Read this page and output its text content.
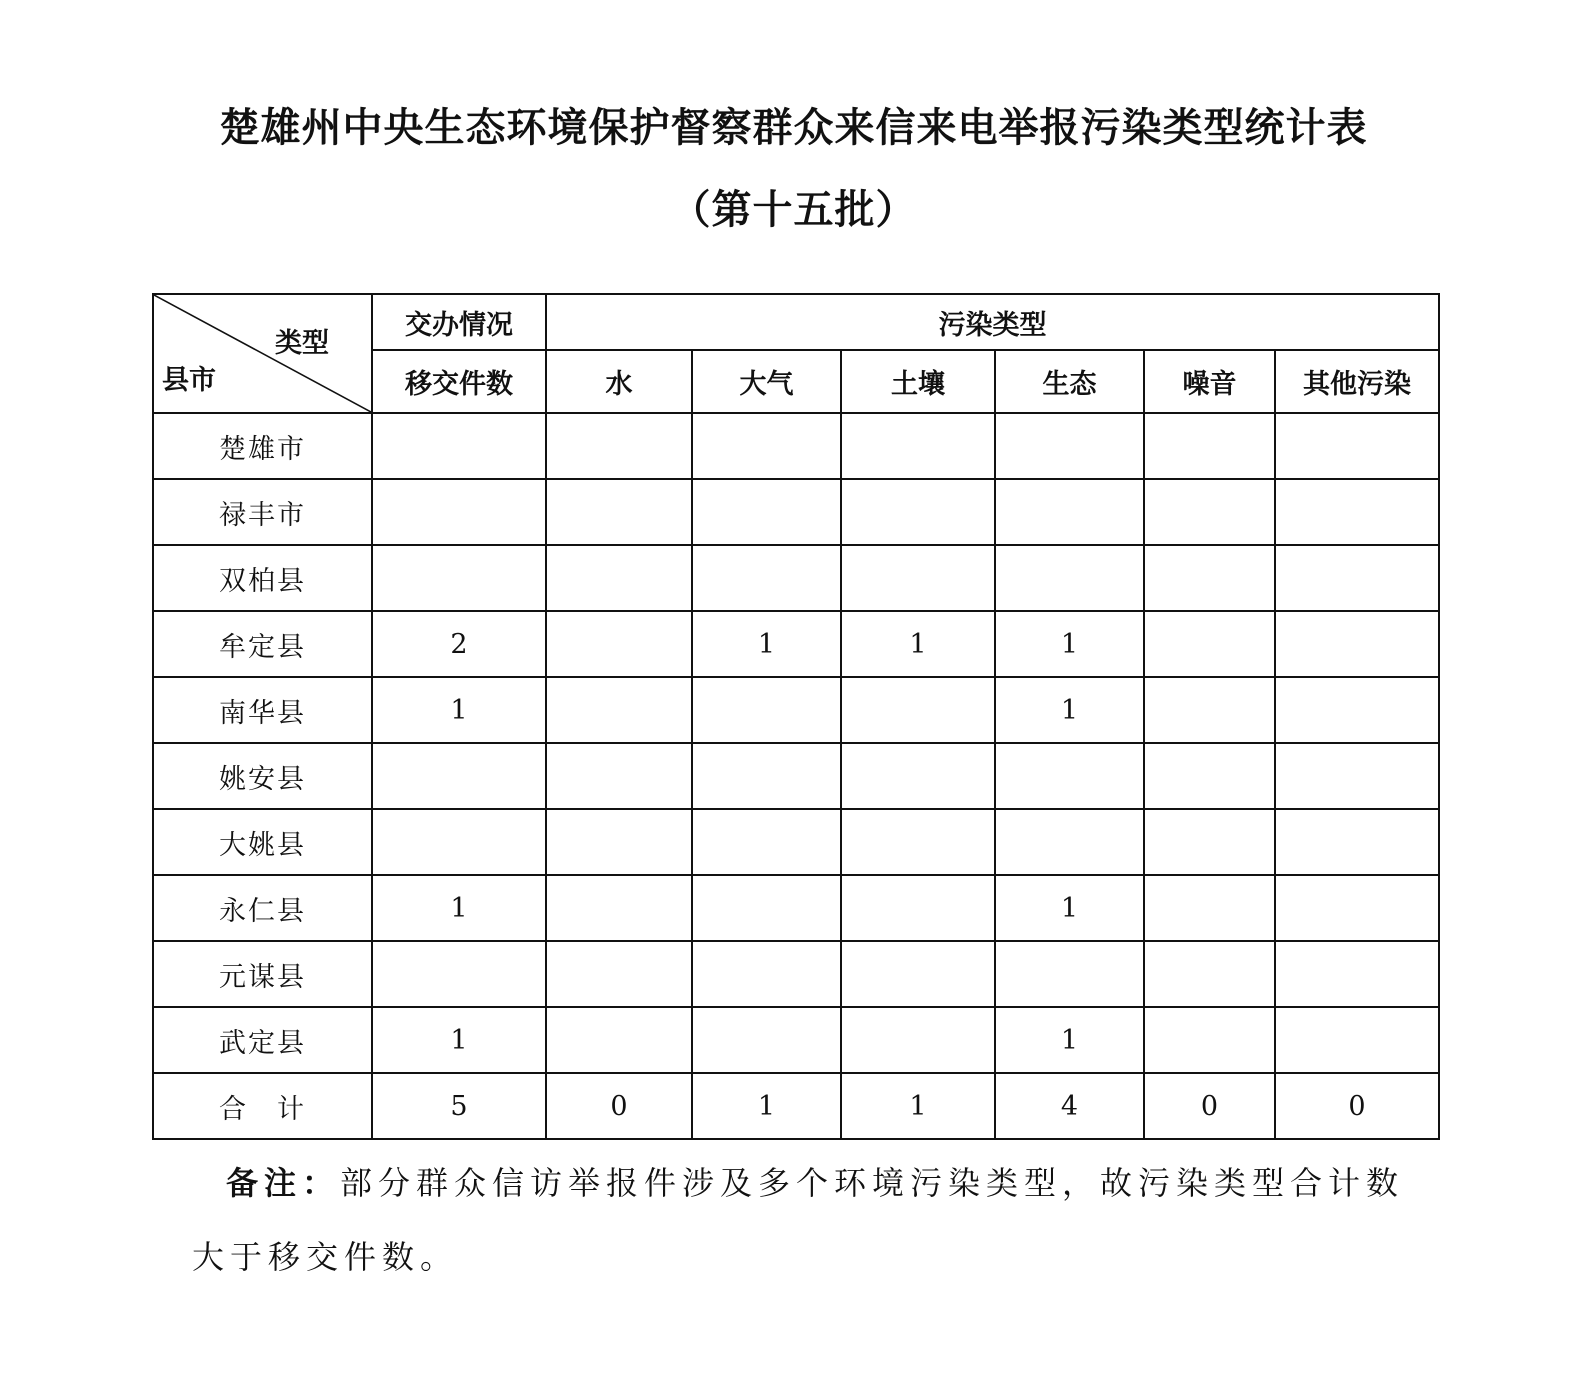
楚雄州中央生态环境保护督察群众来信来电举报污染类型统计表
（第十五批）
类型
县市	交办情况	污染类型					
	移交件数	水	大气	土壤	生态	噪音	其他污染
楚雄市							
禄丰市							
双柏县							
牟定县	2		1	1	1		
南华县	1				1		
姚安县							
大姚县							
永仁县	1				1		
元谋县							
武定县	1				1		
合　计	5	0	1	1	4	0	0
备注：部分群众信访举报件涉及多个环境污染类型，故污染类型合计数
大于移交件数。
